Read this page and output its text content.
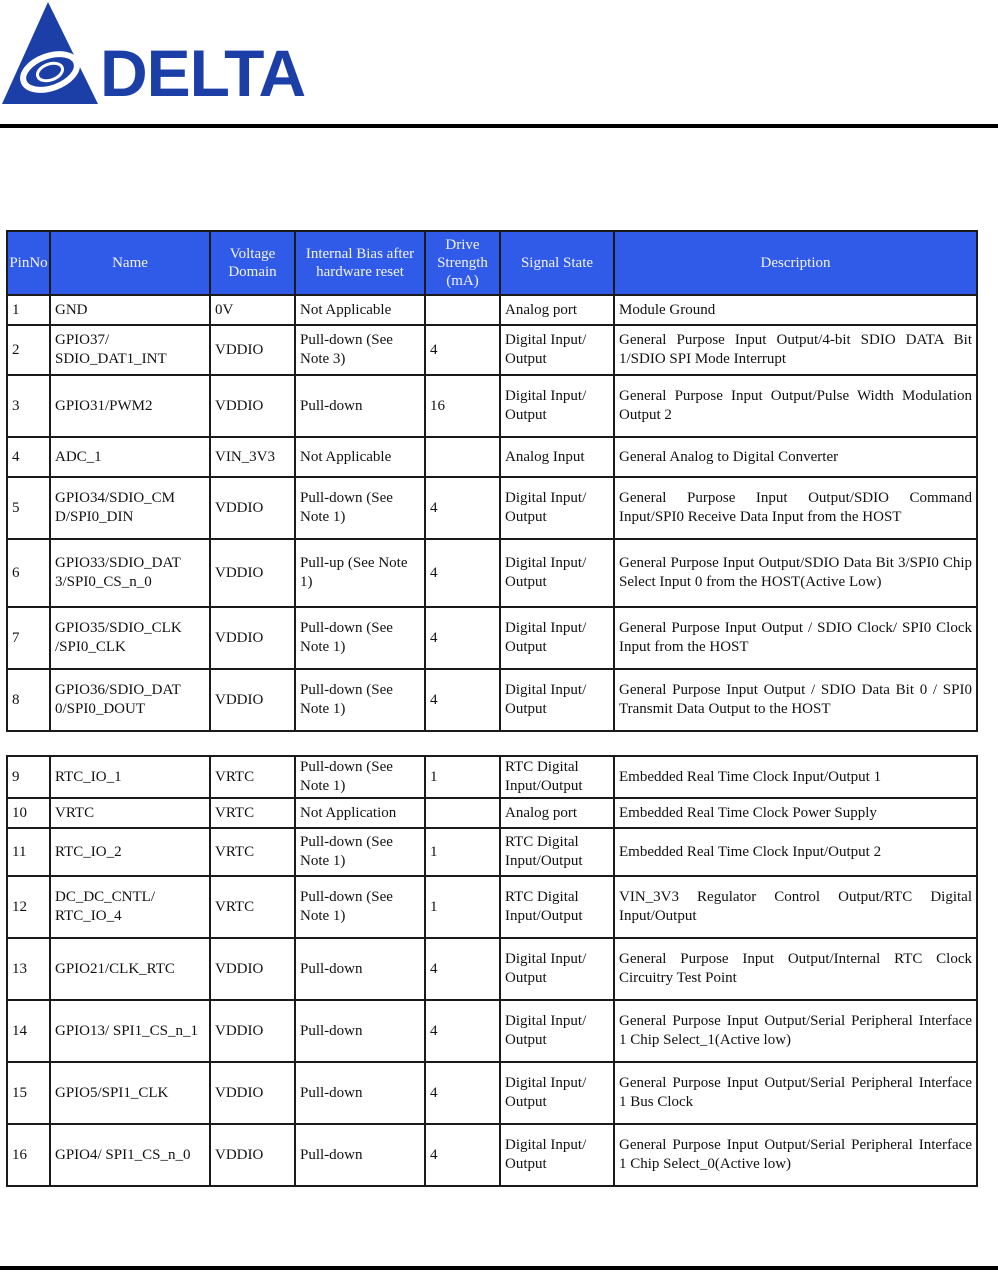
DELTA
PinNo	Name	Voltage Domain	Internal Bias after hardware reset	Drive Strength (mA)	Signal State	Description
1	GND	0V	Not Applicable		Analog port	Module Ground
2	GPIO37/ SDIO_DAT1_INT	VDDIO	Pull-down (See Note 3)	4	Digital Input/ Output	General Purpose Input Output/4-bit SDIO DATA Bit 1/SDIO SPI Mode Interrupt
3	GPIO31/PWM2	VDDIO	Pull-down	16	Digital Input/ Output	General Purpose Input Output/Pulse Width Modulation Output 2
4	ADC_1	VIN_3V3	Not Applicable		Analog Input	General Analog to Digital Converter
5	GPIO34/SDIO_CM D/SPI0_DIN	VDDIO	Pull-down (See Note 1)	4	Digital Input/ Output	General Purpose Input Output/SDIO Command Input/SPI0 Receive Data Input from the HOST
6	GPIO33/SDIO_DAT 3/SPI0_CS_n_0	VDDIO	Pull-up (See Note 1)	4	Digital Input/ Output	General Purpose Input Output/SDIO Data Bit 3/SPI0 Chip Select Input 0 from the HOST(Active Low)
7	GPIO35/SDIO_CLK /SPI0_CLK	VDDIO	Pull-down (See Note 1)	4	Digital Input/ Output	General Purpose Input Output / SDIO Clock/ SPI0 Clock Input from the HOST
8	GPIO36/SDIO_DAT 0/SPI0_DOUT	VDDIO	Pull-down (See Note 1)	4	Digital Input/ Output	General Purpose Input Output / SDIO Data Bit 0 / SPI0 Transmit Data Output to the HOST
9	RTC_IO_1	VRTC	Pull-down (See Note 1)	1	RTC Digital Input/Output	Embedded Real Time Clock Input/Output 1
10	VRTC	VRTC	Not Application		Analog port	Embedded Real Time Clock Power Supply
11	RTC_IO_2	VRTC	Pull-down (See Note 1)	1	RTC Digital Input/Output	Embedded Real Time Clock Input/Output 2
12	DC_DC_CNTL/ RTC_IO_4	VRTC	Pull-down (See Note 1)	1	RTC Digital Input/Output	VIN_3V3 Regulator Control Output/RTC Digital Input/Output
13	GPIO21/CLK_RTC	VDDIO	Pull-down	4	Digital Input/ Output	General Purpose Input Output/Internal RTC Clock Circuitry Test Point
14	GPIO13/ SPI1_CS_n_1	VDDIO	Pull-down	4	Digital Input/ Output	General Purpose Input Output/Serial Peripheral Interface 1 Chip Select_1(Active low)
15	GPIO5/SPI1_CLK	VDDIO	Pull-down	4	Digital Input/ Output	General Purpose Input Output/Serial Peripheral Interface 1 Bus Clock
16	GPIO4/ SPI1_CS_n_0	VDDIO	Pull-down	4	Digital Input/ Output	General Purpose Input Output/Serial Peripheral Interface 1 Chip Select_0(Active low)
